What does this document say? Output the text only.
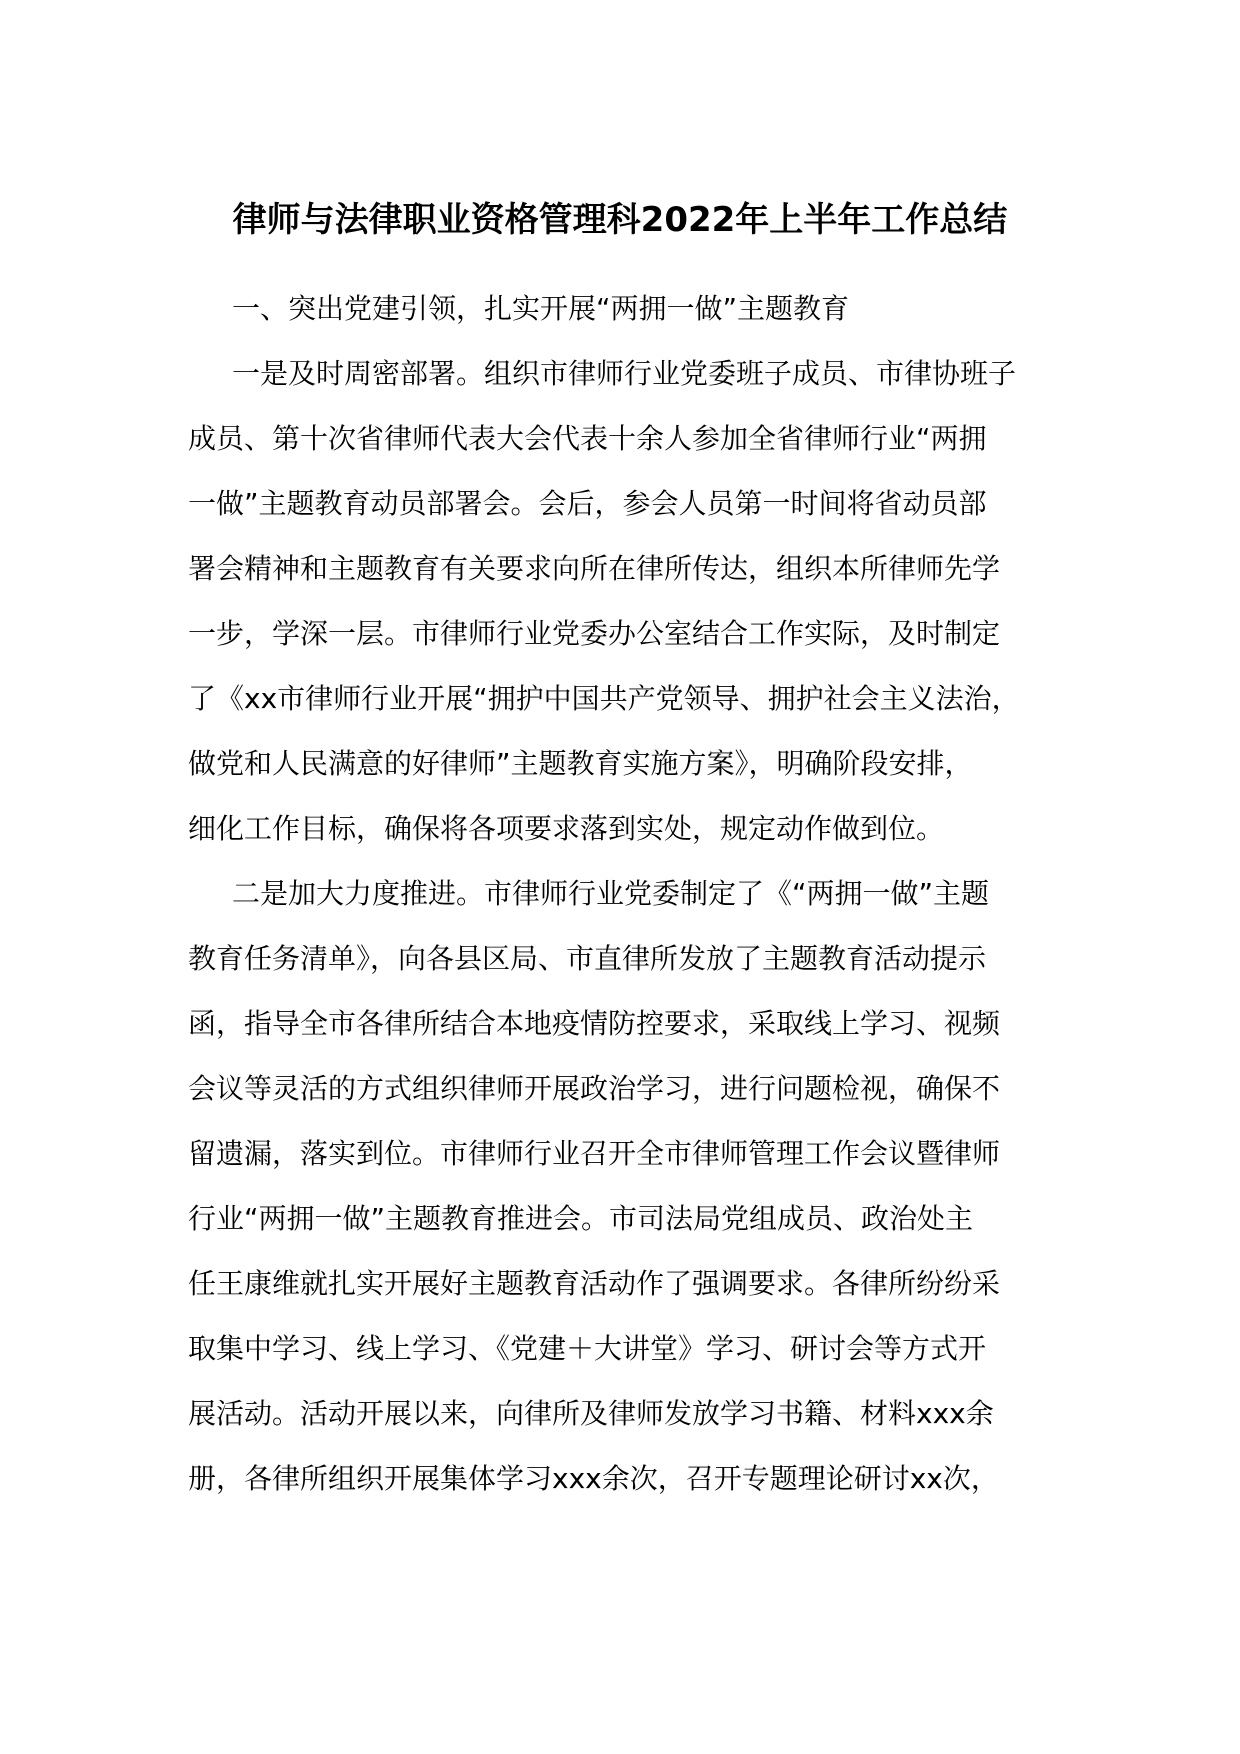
律师与法律职业资格管理科2022年上半年工作总结
一、突出党建引领，扎实开展“两拥一做”主题教育
一是及时周密部署。组织市律师行业党委班子成员、市律协班子
成员、第十次省律师代表大会代表十余人参加全省律师行业“两拥
一做”主题教育动员部署会。会后，参会人员第一时间将省动员部
署会精神和主题教育有关要求向所在律所传达，组织本所律师先学
一步，学深一层。市律师行业党委办公室结合工作实际，及时制定
了《xx市律师行业开展“拥护中国共产党领导、拥护社会主义法治，
做党和人民满意的好律师”主题教育实施方案》，明确阶段安排，
细化工作目标，确保将各项要求落到实处，规定动作做到位。
二是加大力度推进。市律师行业党委制定了《“两拥一做”主题
教育任务清单》，向各县区局、市直律所发放了主题教育活动提示
函，指导全市各律所结合本地疫情防控要求，采取线上学习、视频
会议等灵活的方式组织律师开展政治学习，进行问题检视，确保不
留遗漏，落实到位。市律师行业召开全市律师管理工作会议暨律师
行业“两拥一做”主题教育推进会。市司法局党组成员、政治处主
任王康维就扎实开展好主题教育活动作了强调要求。各律所纷纷采
取集中学习、线上学习、《党建＋大讲堂》学习、研讨会等方式开
展活动。活动开展以来，向律所及律师发放学习书籍、材料xxx余
册，各律所组织开展集体学习xxx余次，召开专题理论研讨xx次，
